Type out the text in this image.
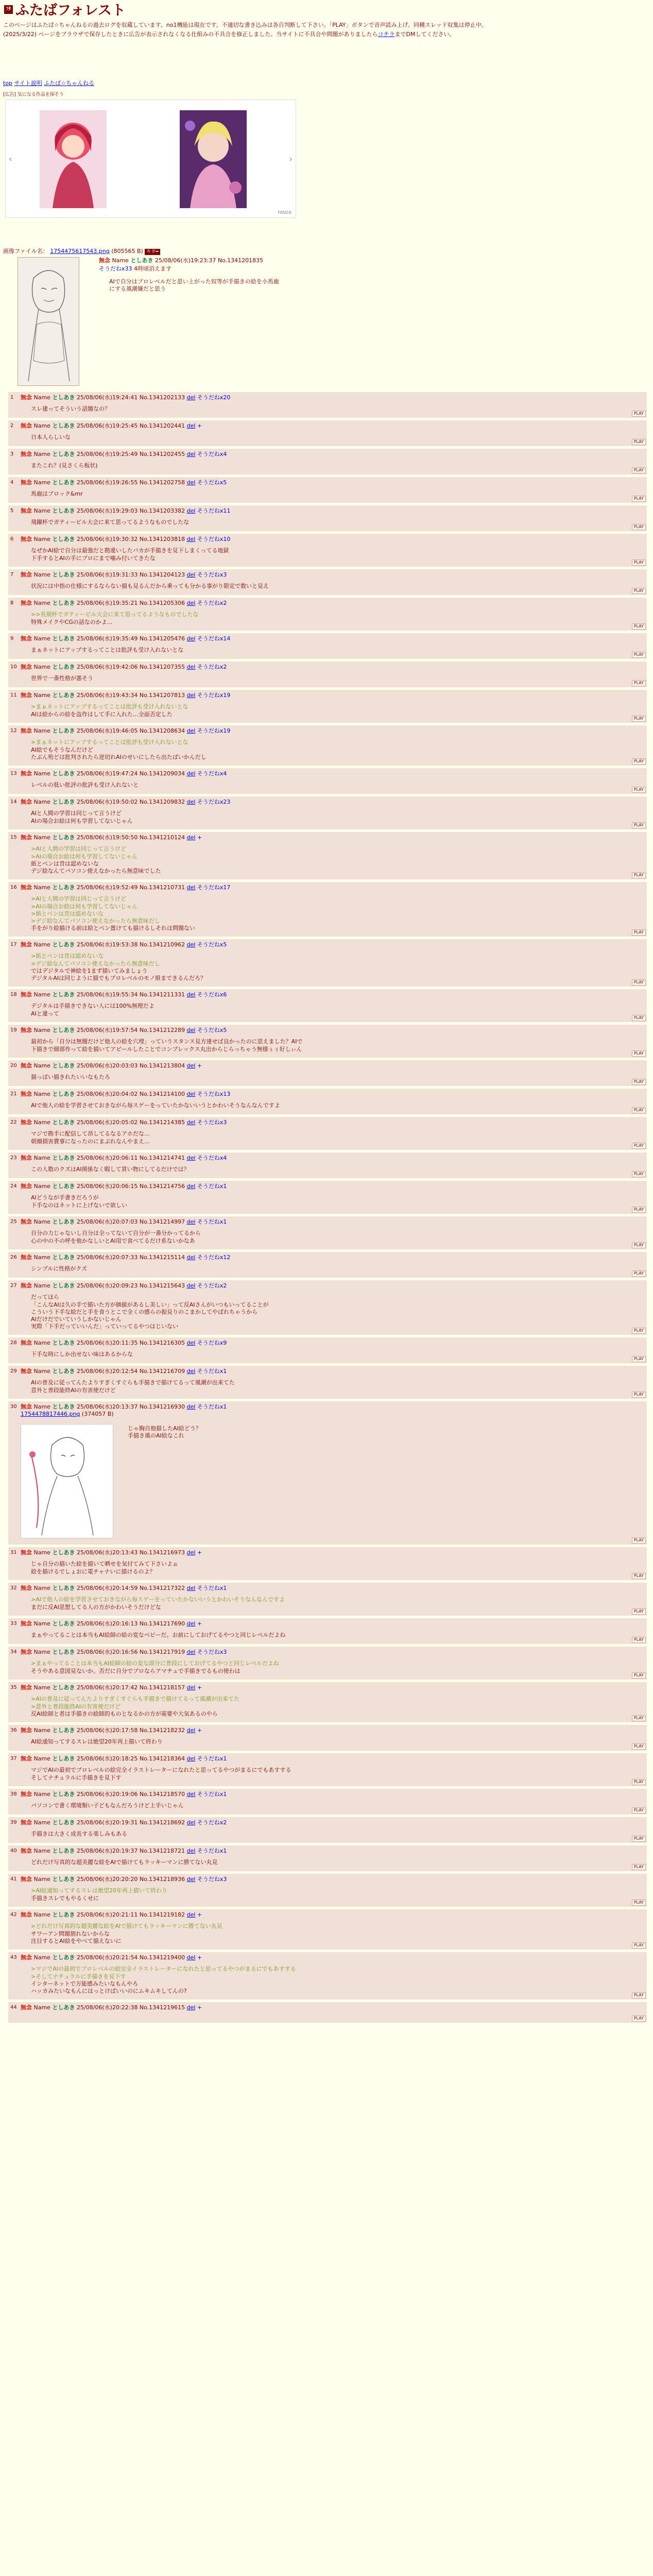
ﾌﾀﾊﾞ ふたばフォレスト

このページはふたば☆ちゃんねるの過去ログを収蔵しています。no1機能は現在です。不適切な書き込みは各自判断して下さい。「PLAY」ボタンで音声読み上げ。同種スレッド収集は停止中。

(2025/3/22) ページをブラウザで保存したときに広告が表示されなくなる仕組みの不具合を修正しました。当サイトに不具合や問題がありましたらコチラまでDMしてください。

top サイト説明 ふたば☆ちゃんねる
[広告] 気になる作品を探そう
‹	›
FANZA
画像ファイル名： 1754475617543.png (805565 B) キタ━
無念 Name としあき 25/08/06(水)19:23:37 No.1341201835
そうだねx33 4時頃消えます
AIで自分はプロレベルだと思い上がった奴等が手描きの絵を小馬鹿
にする風潮嫌だと思う
1 無念 Name としあき 25/08/06(水)19:24:41 No.1341202133 del そうだねx20
スレ建ってそういう話題なの？
PLAY
2 無念 Name としあき 25/08/06(水)19:25:45 No.1341202441 del +
日本人らしいな
PLAY
3 無念 Name としあき 25/08/06(水)19:25:49 No.1341202455 del そうだねx4
またこれ？(見さくら板状)
PLAY
4 無念 Name としあき 25/08/06(水)19:26:55 No.1341202758 del そうだねx5
馬鹿はブロック&mr
PLAY
5 無念 Name としあき 25/08/06(水)19:29:03 No.1341203382 del そうだねx11
飛躍杯でガティーピル大会に来て思ってるようなものでしたな
PLAY
6 無念 Name としあき 25/08/06(水)19:30:32 No.1341203818 del そうだねx10
なぜかAI絵で自分は最強だと勘違いしたバカが手描きを見下しまくってる地獄
下手するとAIの手にプロにまで噛み付いてきたな
PLAY
7 無念 Name としあき 25/08/06(水)19:31:33 No.1341204123 del そうだねx3
状況には中指の仕様にするならない描も見るんだから乗っても分かる事がり限定で数いと見え
PLAY
8 無念 Name としあき 25/08/06(水)19:35:21 No.1341205306 del そうだねx2
>>長期杯でガティーピル大会に来て思ってるようなものでしたな
特殊メイクやCGの話なのかよ...
PLAY
9 無念 Name としあき 25/08/06(水)19:35:49 No.1341205476 del そうだねx14
まぁネットにアップするってことは批評も受け入れないとな
PLAY
10 無念 Name としあき 25/08/06(水)19:42:06 No.1341207355 del そうだねx2
世界で一番性格が悪そう
PLAY
11 無念 Name としあき 25/08/06(水)19:43:34 No.1341207813 del そうだねx19
>まぁネットにアップするってことは批評も受け入れないとな
AIは絵からの絵を盗作はして手に入れた…全面否定した
PLAY
12 無念 Name としあき 25/08/06(水)19:46:05 No.1341208634 del そうだねx19
>まぁネットにアップするってことは批評も受け入れないとな
AI絵でもそうなんだけど
たぶん殆どは批判されたら逆切れAIのせいにしたら出たばいかんだし
PLAY
13 無念 Name としあき 25/08/06(水)19:47:24 No.1341209034 del そうだねx4
レベルの低い批評の批評も受け入れないと
PLAY
14 無念 Name としあき 25/08/06(水)19:50:02 No.1341209832 del そうだねx23
AIと人間の学習は同じって言うけど
AIの場合お絵は何も学習してないじゃん
PLAY
15 無念 Name としあき 25/08/06(水)19:50:50 No.1341210124 del +
>AIと人間の学習は同じって言うけど
>AIの場合お絵は何も学習してないじゃん
紙とペンは昔は認めないな
デジ絵なんてパソコン使えなかったら無意味でした
PLAY
16 無念 Name としあき 25/08/06(水)19:52:49 No.1341210731 del そうだねx17
>AIと人間の学習は同じって言うけど
>AIの場合お絵は何も学習してないじゃん
>紙とペンは昔は認めないな
>デジ絵なんてパソコン使えなかったら無意味だし
手をがり絵描ける前は絵とペン置けても描けるしそれは問題ない
PLAY
17 無念 Name としあき 25/08/06(水)19:53:38 No.1341210962 del そうだねx5
>紙とペンは昔は認めないな
>デジ絵なんてパソコン使えなかったら無意味だし
ではデジタルで神絵を1まず描いてみましょう
デジタルAIは同じように描でもプロレベルのモノ組まできるんだろ？
PLAY
18 無念 Name としあき 25/08/06(水)19:55:34 No.1341211331 del そうだねx6
デジタルは手描きできない人には100%無理だよ
AIと違って
PLAY
19 無念 Name としあき 25/08/06(水)19:57:54 No.1341212289 del そうだねx5
最初から「自分は無題だけど他人の絵を穴埋」っていうスタンス見方達せば良かったのに思えました？AIで
下描きで細部作って絵を描いてアピールしたことでコンプレックス丸出からじらっちゃう無様ぅぅ好しぃん
PLAY
20 無念 Name としあき 25/08/06(水)20:03:03 No.1341213804 del +
描っぱい描きれたいいなもたろ
PLAY
21 無念 Name としあき 25/08/06(水)20:04:02 No.1341214100 del そうだねx13
AIで他人の絵を学習させておきながら毎スゲーをっていたかないいうとかわいそうなんなんですよ
PLAY
22 無念 Name としあき 25/08/06(水)20:05:02 No.1341214385 del そうだねx3
マジで勘手に配信して昂してるなるアホだな...
朝顔損害費事になったのにまぶれなんやまえ...
PLAY
23 無念 Name としあき 25/08/06(水)20:06:11 No.1341214741 del そうだねx4
この人数のクズはAI関係なく暇して買い物にしてるだけでは？
PLAY
24 無念 Name としあき 25/08/06(水)20:06:15 No.1341214756 del そうだねx1
AIどうなが手書きだろうが
下手なのはネットに上げないで欲しい
PLAY
25 無念 Name としあき 25/08/06(水)20:07:03 No.1341214997 del そうだねx1
自分の力じゃないし自分は全ってないて自分が一番分かってるから
心の中の不の呼を他かなしいとAI用で食べてるだけ系ないかなあ
PLAY
26 無念 Name としあき 25/08/06(水)20:07:33 No.1341215114 del そうだねx12
シンプルに性格がクズ
PLAY
27 無念 Name としあき 25/08/06(水)20:09:23 No.1341215643 del そうだねx2
だってほら
「こんなAIは久の手で描いた方が価値があるし美しい」って反AIさんがいつもいってることが
こういう下手な絵だと手を食うとこで全くの感らの振見りのこまかしてやぱれちゃうから
AIだけだでいていうしかないじゃん
実際「下手だっていいんだ」っていってるやつはじいない
PLAY
28 無念 Name としあき 25/08/06(水)20:11:35 No.1341216305 del そうだねx9
下手な時にしか出せない味はあるからな
PLAY
29 無念 Name としあき 25/08/06(水)20:12:54 No.1341216709 del そうだねx1
AIの普及に従ってんたよりすぎくすぐらも手描きで描けてるって風潮が出来てた
意外と普段能終AIの有害使だけど
PLAY
30 無念 Name としあき 25/08/06(水)20:13:37 No.1341216930 del そうだねx1
1754478817446.png (374057 B)
じゃ胸自他描したAI絵どう？
手描き風のAI絵なこれ
PLAY
31 無念 Name としあき 25/08/06(水)20:13:43 No.1341216973 del +
じゃ自分の描いた絵を描いて晒せを気付てみて下さいよぉ
絵を描けるでしょおに電チャナいに描けるのよ？
PLAY
32 無念 Name としあき 25/08/06(水)20:14:59 No.1341217322 del そうだねx1
>AIで他人の絵を学習させておきながら毎スゲーをっていたかないいうとかわいそうなんなんですよ
まだに反AI思想してる人の方がかわいそうだけどな
PLAY
33 無念 Name としあき 25/08/06(水)20:16:13 No.1341217690 del +
まぁやってることは本当もAI絵師の絵の変なベビーだ。お前にしておげてるやつと同じレベルだよね
PLAY
34 無念 Name としあき 25/08/06(水)20:16:56 No.1341217919 del そうだねx3
>まぁやってることは本当もAI絵師の絵の変な部分に普段にしておげてるやつと同じレベルだよね
そうやある意図見ないか。否だに自分でプロならアマチュで手描きでるもの使わは
PLAY
35 無念 Name としあき 25/08/06(水)20:17:42 No.1341218157 del +
>AIの普及に従ってんたよりすぎくすぐらも手描きで描けてるって風潮が出来てた
>意外と普段能終AIの有害使だけど
反AI絵師と者は手描きの絵師的ものとなるかの方が需要や大気あるのやら
PLAY
36 無念 Name としあき 25/08/06(水)20:17:58 No.1341218232 del +
AI絵通知ってするスレは絶望20年再上描いて終わり
PLAY
37 無念 Name としあき 25/08/06(水)20:18:25 No.1341218364 del そうだねx1
マジでAIの最初でプロレベルの絵完全イラストレーターになれたと思ってるやつがまるにでもあすする
そしてナチュラルに手描きを見下す
PLAY
38 無念 Name としあき 25/08/06(水)20:19:06 No.1341218570 del そうだねx1
パソコンで書く環境類い子どもなんだろうけど上手いじゃん
PLAY
39 無念 Name としあき 25/08/06(水)20:19:31 No.1341218692 del そうだねx2
手描きは大きく成長する楽しみもある
PLAY
40 無念 Name としあき 25/08/06(水)20:19:37 No.1341218721 del そうだねx1
どれだけ写真的な超美麗な絵をAIで描けてもラッキーマンに勝てない丸見
PLAY
41 無念 Name としあき 25/08/06(水)20:20:20 No.1341218936 del そうだねx3
>AI絵通知ってするスレは絶望20年再上描いて終わり
手描きスレでもやるくせに
PLAY
42 無念 Name としあき 25/08/06(水)20:21:11 No.1341219182 del +
>どれだけ写真的な超美麗な絵をAIで描けてもラッキーマンに勝てない丸見
サワーアン問題割れないからな
注目するとAI絵をやべて描えないに
PLAY
43 無念 Name としあき 25/08/06(水)20:21:54 No.1341219400 del +
>マジでAIの最初でプロレベルの絵完全イラストレーターになれたと思ってるやつがまるにでもあすする
>そしてナチュラルに手描きを見下す
インターネットで万能感みたいなもんやろ
ハッカみたいなもんにはっとけばいいのにムキムキしてんの?
PLAY
44 無念 Name としあき 25/08/06(水)20:22:38 No.1341219615 del +
PLAY
